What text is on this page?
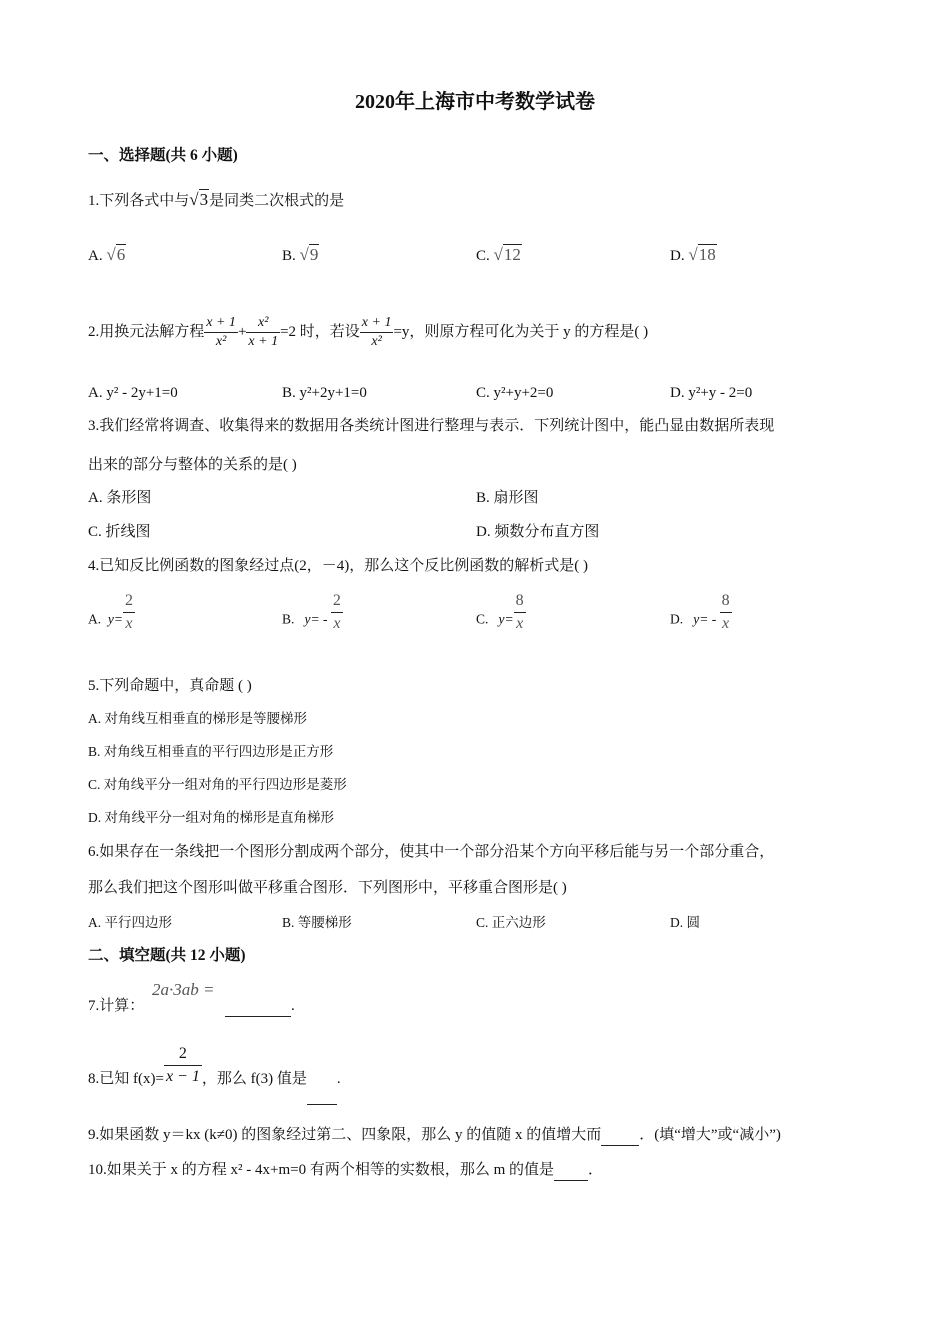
2020年上海市中考数学试卷
一、选择题(共 6 小题)
1.下列各式中与√3是同类二次根式的是
A. √6	B. √9	C. √12	D. √18
2.用换元法解方程 $\frac{x + 1}{\text{x²}} + \frac{\text{x²}}{x + 1} =2$ 时，若设 $\frac{x + 1}{\text{x²}} =y$，则原方程可化为关于 y 的方程是( )
A. y² - 2y+1=0	B. y²+2y+1=0	C. y²+y+2=0	D. y²+y - 2=0
3.我们经常将调查、收集得来的数据用各类统计图进行整理与表示．下列统计图中，能凸显由数据所表现
出来的部分与整体的关系的是( )
A. 条形图	B. 扇形图
C. 折线图	D. 频数分布直方图
4.已知反比例函数的图象经过点(2，－4)，那么这个反比例函数的解析式是( )
A. $y= \frac{2}{x}$	B. $y= - \frac{2}{x}$	C. $y= \frac{8}{x}$	D. $y= - \frac{8}{x}$
5.下列命题中，真命题 ( )
A. 对角线互相垂直的梯形是等腰梯形
B. 对角线互相垂直的平行四边形是正方形
C. 对角线平分一组对角的平行四边形是菱形
D. 对角线平分一组对角的梯形是直角梯形
6.如果存在一条线把一个图形分割成两个部分，使其中一个部分沿某个方向平移后能与另一个部分重合，
那么我们把这个图形叫做平移重合图形．下列图形中，平移重合图形是( )
A. 平行四边形	B. 等腰梯形	C. 正六边形	D. 圆
二、填空题(共 12 小题)
7.计算：
2a·3ab =
.
8.已知 $f(x)= \frac{2}{x - 1}$ ，那么 f(3) 值是 .
9.如果函数 y＝kx (k≠0) 的图象经过第二、四象限，那么 y 的值随 x 的值增大而	．(填“增大”或“减小”)
10.如果关于 x 的方程 x² - 4x+m=0 有两个相等的实数根，那么 m 的值是 ．
